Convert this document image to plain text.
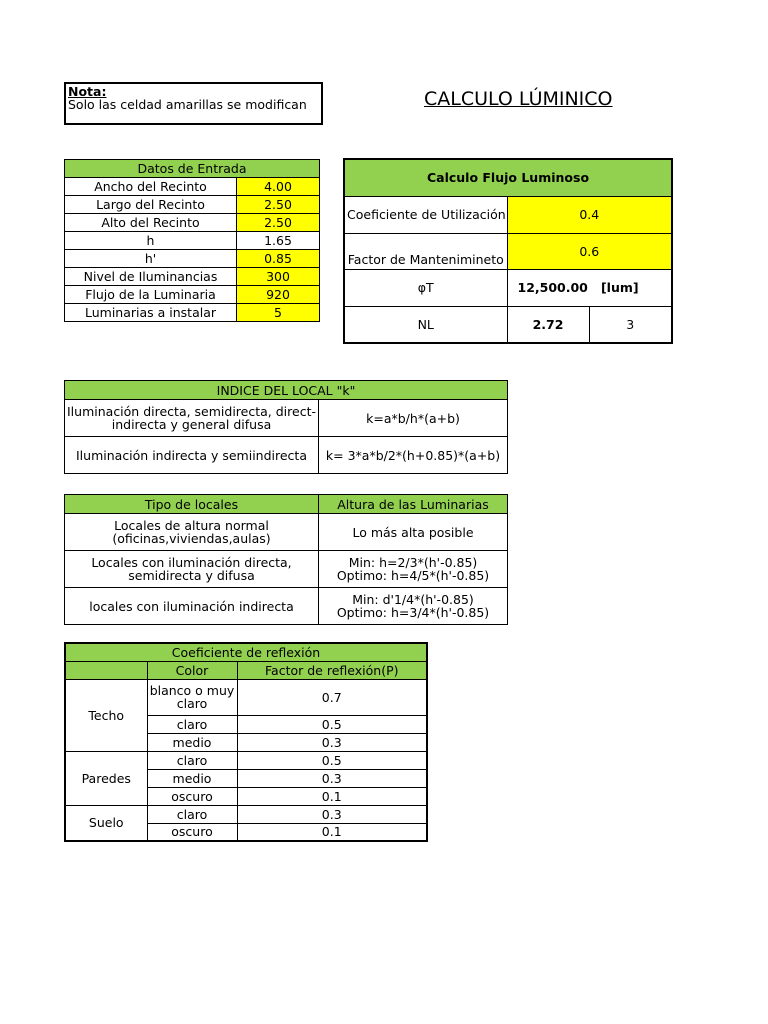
Nota:
Solo las celdad amarillas se modifican	CALCULO LÚMINICO
Datos de Entrada	
Ancho del Recinto	4.00
Largo del Recinto	2.50
Alto del Recinto	2.50
h	1.65
h'	0.85
Nivel de Iluminancias	300
Flujo de la Luminaria	920
Luminarias a instalar	5
Calculo Flujo Luminoso		
Coeficiente de Utilización	0.4	
Factor de Mantenimineto	0.6	
φT	12,500.00 [lum]	
NL	2.72	3
INDICE DEL LOCAL "k"	
Iluminación directa, semidirecta, direct-indirecta y general difusa	k=a*b/h*(a+b)
Iluminación indirecta y semiindirecta	k= 3*a*b/2*(h+0.85)*(a+b)
Tipo de locales	Altura de las Luminarias
Locales de altura normal (oficinas,viviendas,aulas)	Lo más alta posible
Locales con iluminación directa, semidirecta y difusa	Min: h=2/3*(h'-0.85)
Optimo: h=4/5*(h'-0.85)

locales con iluminación indirecta	Min: d'1/4*(h'-0.85)
Optimo: h=3/4*(h'-0.85)
Coeficiente de reflexión		
	Color	Factor de reflexión(P)
Techo	blanco o muy claro	0.7
	claro	0.5
	medio	0.3
Paredes	claro	0.5
	medio	0.3
	oscuro	0.1
Suelo	claro	0.3
	oscuro	0.1
